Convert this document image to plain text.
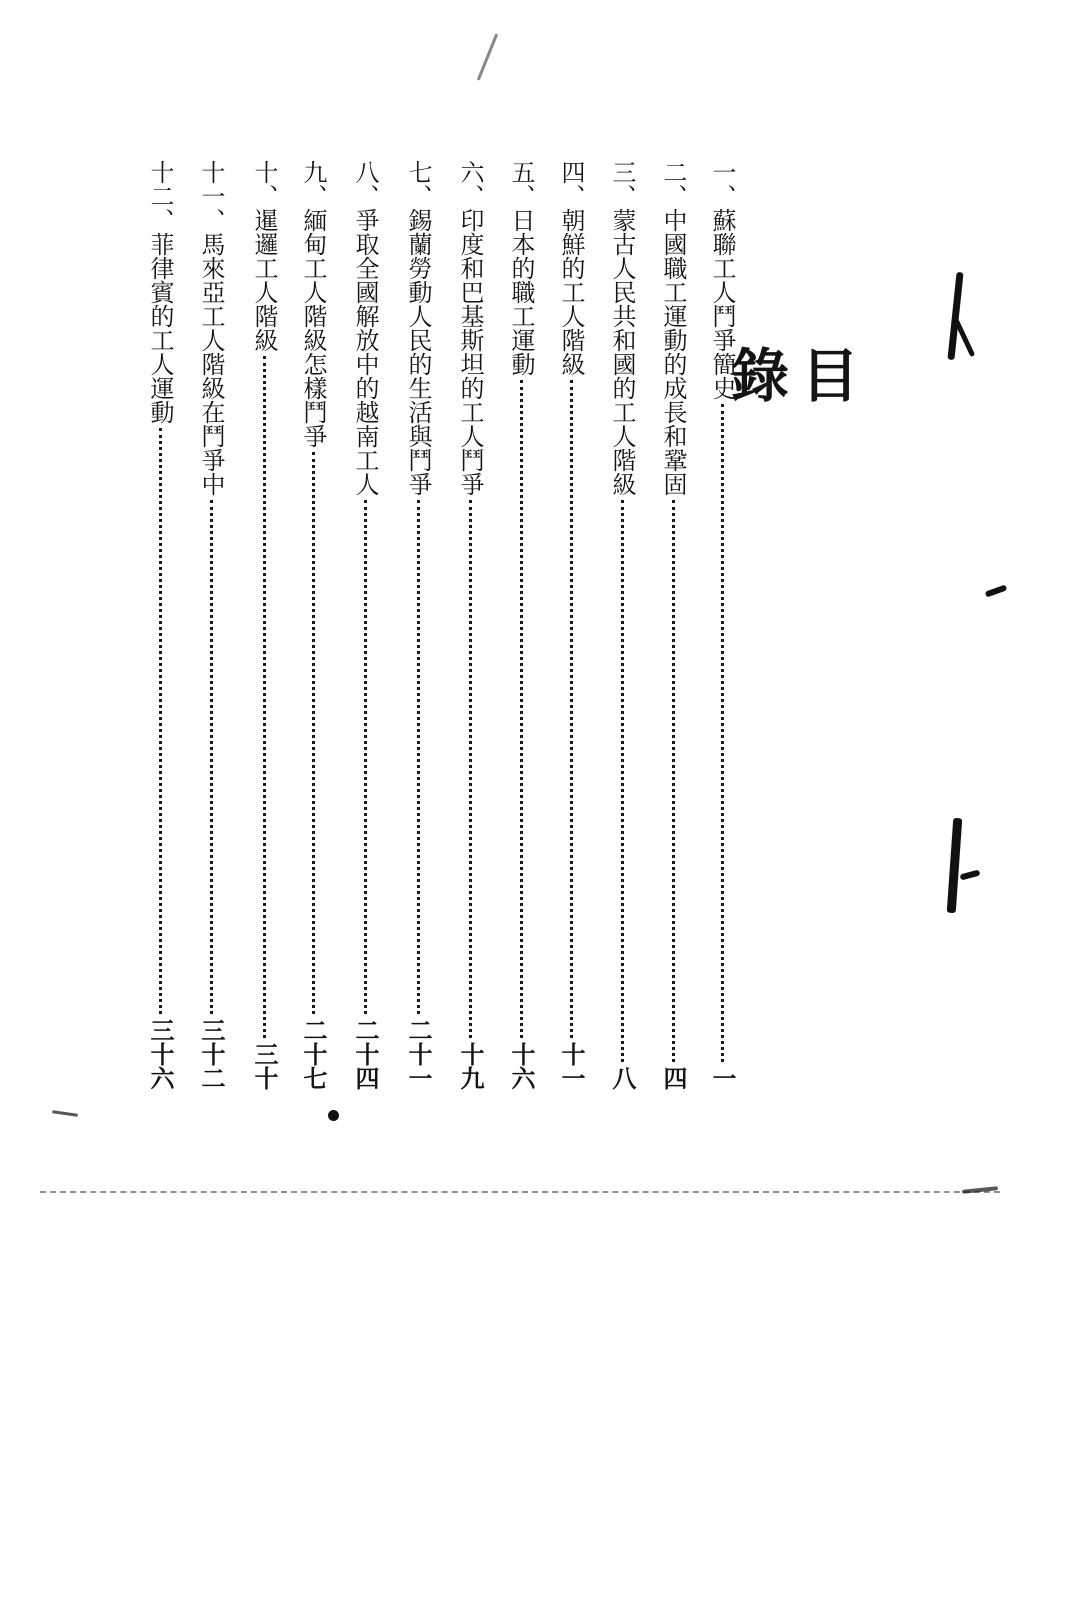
目錄
一、
蘇聯工人鬥爭簡史
一
二、
中國職工運動的成長和鞏固
四
三、
蒙古人民共和國的工人階級
八
四、
朝鮮的工人階級
十一
五、
日本的職工運動
十六
六、
印度和巴基斯坦的工人鬥爭
十九
七、
錫蘭勞動人民的生活與鬥爭
二十一
八、
爭取全國解放中的越南工人
二十四
九、
緬甸工人階級怎樣鬥爭
二十七
十、
暹邏工人階級
三十
十一、
馬來亞工人階級在鬥爭中
三十二
十二、
菲律賓的工人運動
三十六
